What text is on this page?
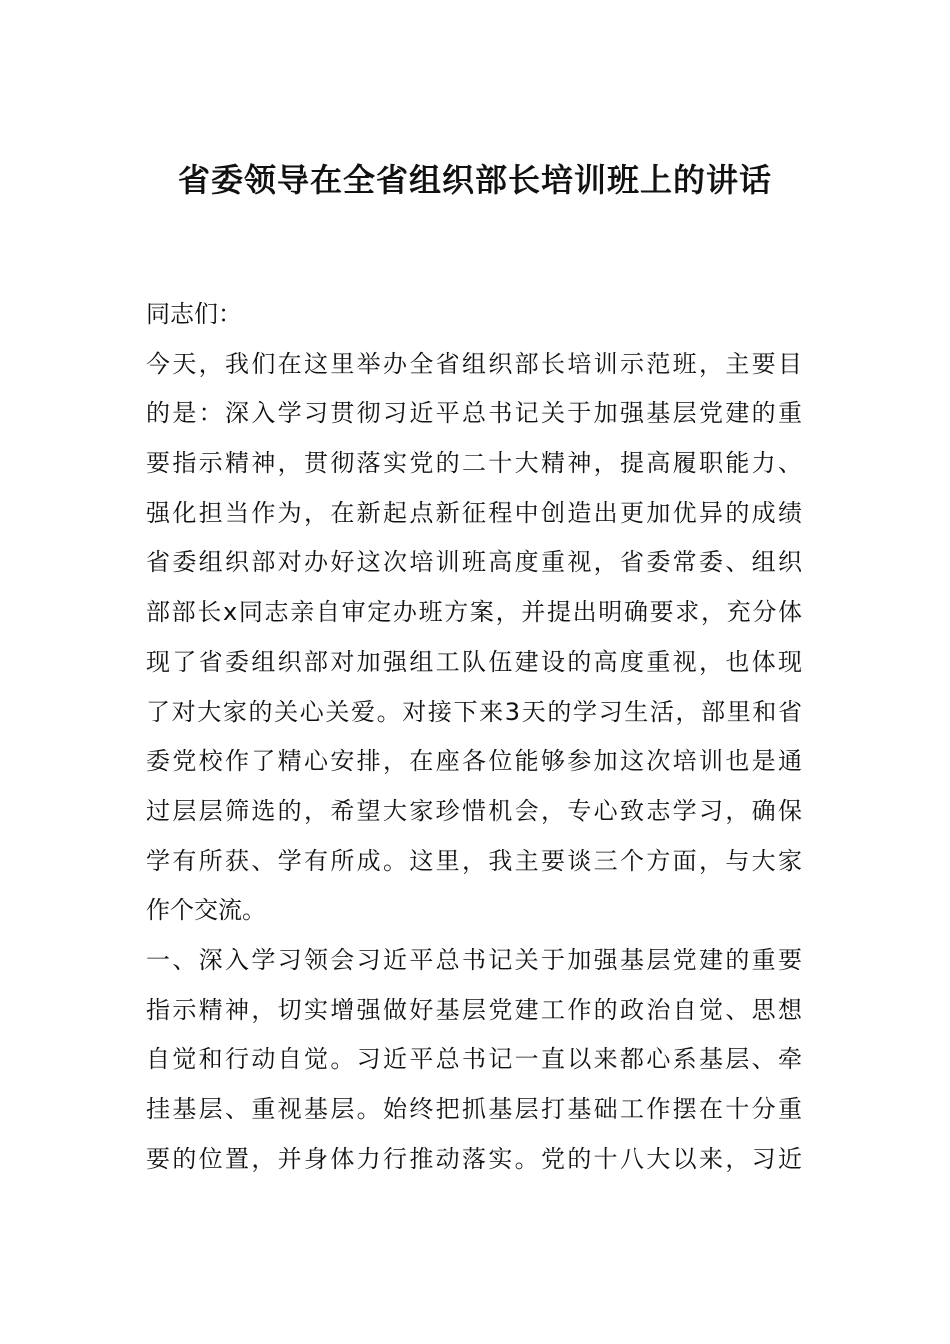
省委领导在全省组织部长培训班上的讲话
同志们：
今天，我们在这里举办全省组织部长培训示范班，主要目
的是：深入学习贯彻习近平总书记关于加强基层党建的重
要指示精神，贯彻落实党的二十大精神，提高履职能力、
强化担当作为，在新起点新征程中创造出更加优异的成绩
省委组织部对办好这次培训班高度重视，省委常委、组织
部部长x同志亲自审定办班方案，并提出明确要求，充分体
现了省委组织部对加强组工队伍建设的高度重视，也体现
了对大家的关心关爱。对接下来3天的学习生活，部里和省
委党校作了精心安排，在座各位能够参加这次培训也是通
过层层筛选的，希望大家珍惜机会，专心致志学习，确保
学有所获、学有所成。这里，我主要谈三个方面，与大家
作个交流。
一、深入学习领会习近平总书记关于加强基层党建的重要
指示精神，切实增强做好基层党建工作的政治自觉、思想
自觉和行动自觉。习近平总书记一直以来都心系基层、牵
挂基层、重视基层。始终把抓基层打基础工作摆在十分重
要的位置，并身体力行推动落实。党的十八大以来，习近
